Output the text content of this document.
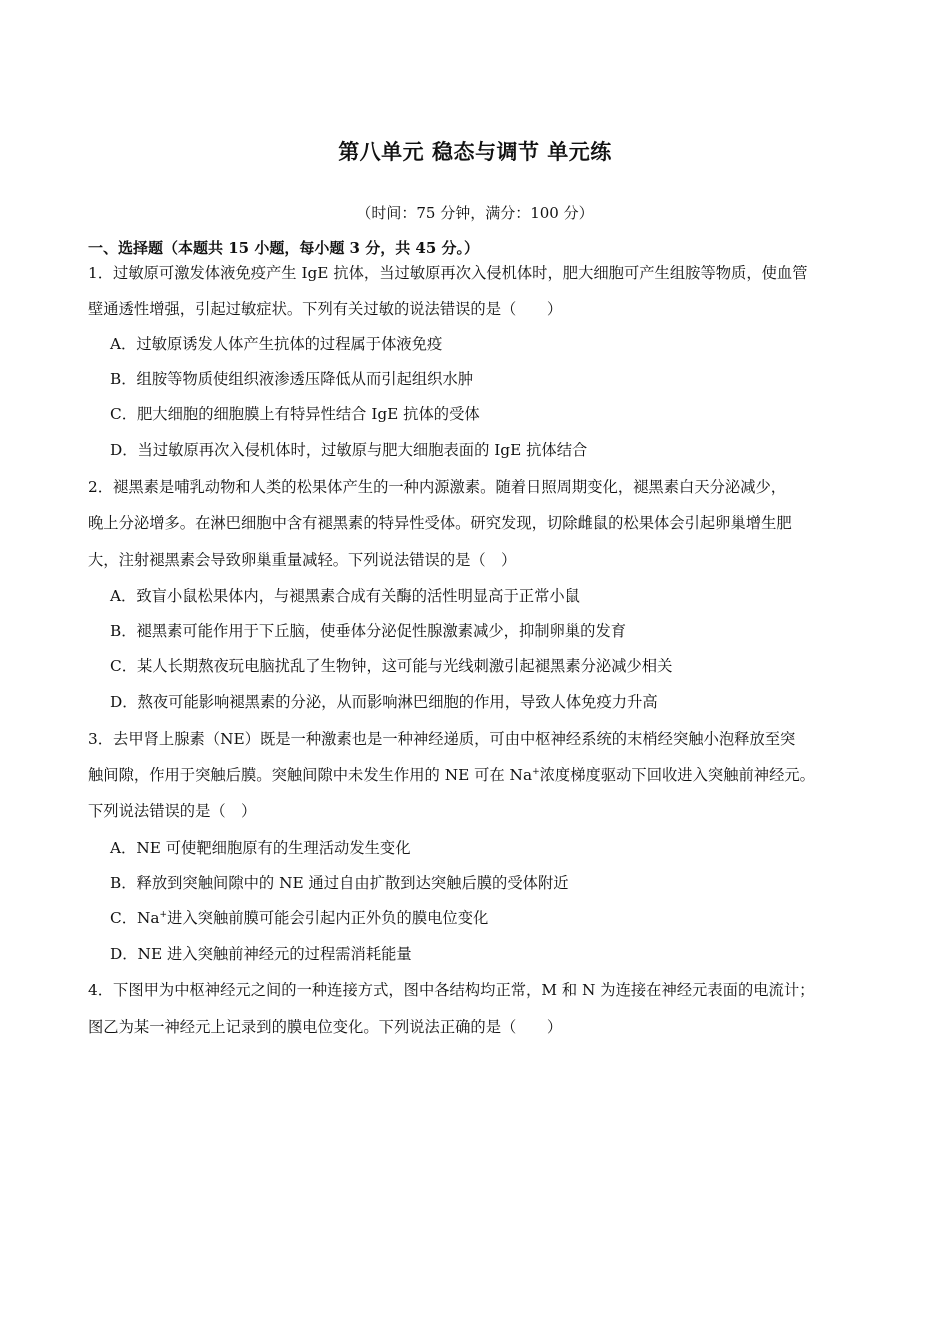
第八单元 稳态与调节 单元练
（时间：75 分钟，满分：100 分）
一、选择题（本题共 15 小题，每小题 3 分，共 45 分。）
1．过敏原可激发体液免疫产生 IgE 抗体，当过敏原再次入侵机体时，肥大细胞可产生组胺等物质，使血管
壁通透性增强，引起过敏症状。下列有关过敏的说法错误的是（　　）
A．过敏原诱发人体产生抗体的过程属于体液免疫
B．组胺等物质使组织液渗透压降低从而引起组织水肿
C．肥大细胞的细胞膜上有特异性结合 IgE 抗体的受体
D．当过敏原再次入侵机体时，过敏原与肥大细胞表面的 IgE 抗体结合
2．褪黑素是哺乳动物和人类的松果体产生的一种内源激素。随着日照周期变化，褪黑素白天分泌减少，
晚上分泌增多。在淋巴细胞中含有褪黑素的特异性受体。研究发现，切除雌鼠的松果体会引起卵巢增生肥
大，注射褪黑素会导致卵巢重量减轻。下列说法错误的是（　）
A．致盲小鼠松果体内，与褪黑素合成有关酶的活性明显高于正常小鼠
B．褪黑素可能作用于下丘脑，使垂体分泌促性腺激素减少，抑制卵巢的发育
C．某人长期熬夜玩电脑扰乱了生物钟，这可能与光线刺激引起褪黑素分泌减少相关
D．熬夜可能影响褪黑素的分泌，从而影响淋巴细胞的作用，导致人体免疫力升高
3．去甲肾上腺素（NE）既是一种激素也是一种神经递质，可由中枢神经系统的末梢经突触小泡释放至突
触间隙，作用于突触后膜。突触间隙中未发生作用的 NE 可在 Na+浓度梯度驱动下回收进入突触前神经元。
下列说法错误的是（　）
A．NE 可使靶细胞原有的生理活动发生变化
B．释放到突触间隙中的 NE 通过自由扩散到达突触后膜的受体附近
C．Na+进入突触前膜可能会引起内正外负的膜电位变化
D．NE 进入突触前神经元的过程需消耗能量
4．下图甲为中枢神经元之间的一种连接方式，图中各结构均正常，M 和 N 为连接在神经元表面的电流计；
图乙为某一神经元上记录到的膜电位变化。下列说法正确的是（　　）
